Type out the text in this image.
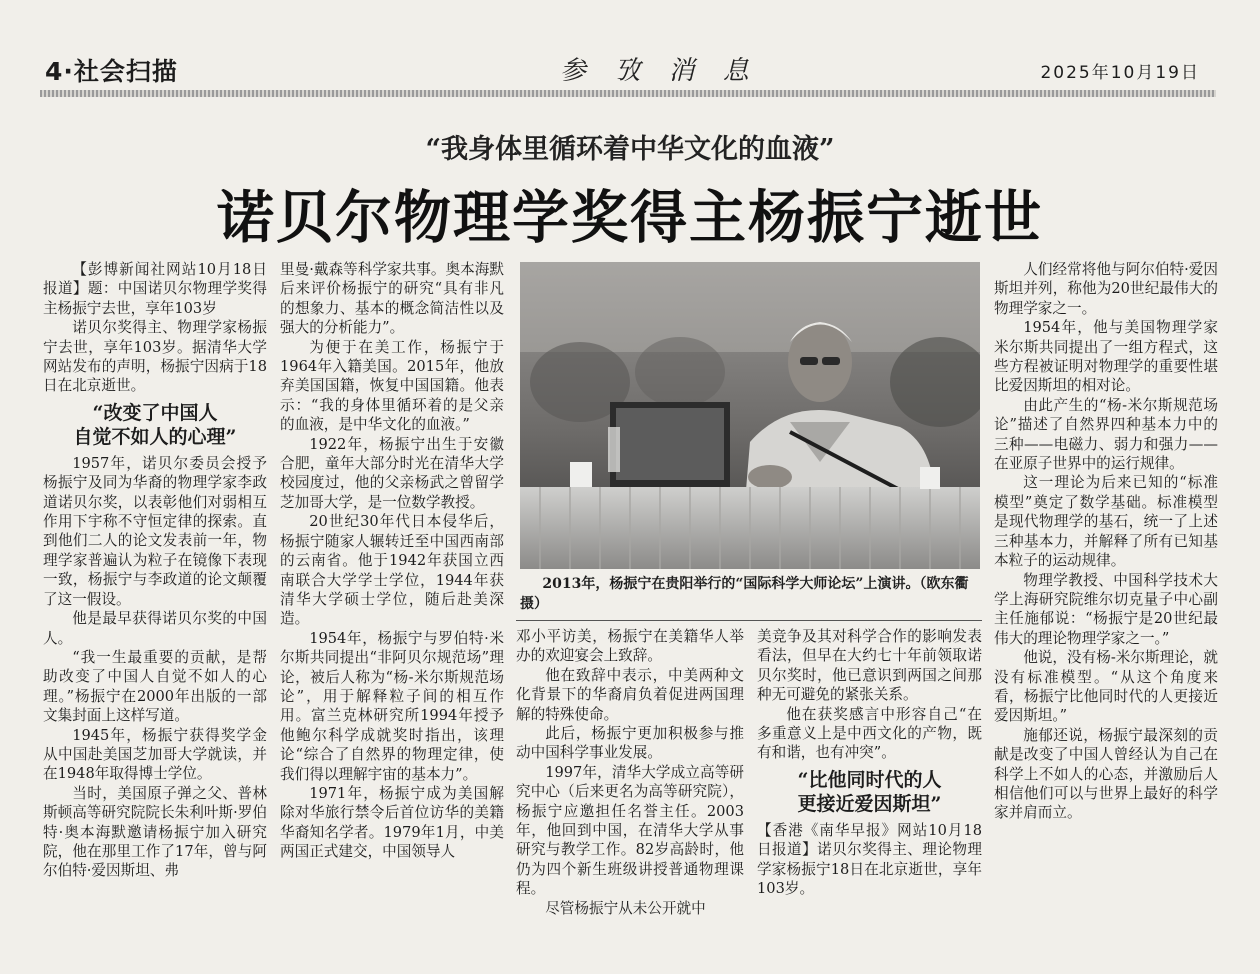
4·社会扫描	参 攷 消 息	2025年10月19日
“我身体里循环着中华文化的血液”
诺贝尔物理学奖得主杨振宁逝世

【彭博新闻社网站10月18日报道】题：中国诺贝尔物理学奖得主杨振宁去世，享年103岁

诺贝尔奖得主、物理学家杨振宁去世，享年103岁。据清华大学网站发布的声明，杨振宁因病于18日在北京逝世。

“改变了中国人
自觉不如人的心理”

1957年，诺贝尔委员会授予杨振宁及同为华裔的物理学家李政道诺贝尔奖，以表彰他们对弱相互作用下宇称不守恒定律的探索。直到他们二人的论文发表前一年，物理学家普遍认为粒子在镜像下表现一致，杨振宁与李政道的论文颠覆了这一假设。

他是最早获得诺贝尔奖的中国人。

“我一生最重要的贡献，是帮助改变了中国人自觉不如人的心理。”杨振宁在2000年出版的一部文集封面上这样写道。

1945年，杨振宁获得奖学金从中国赴美国芝加哥大学就读，并在1948年取得博士学位。

当时，美国原子弹之父、普林斯顿高等研究院院长朱利叶斯·罗伯特·奥本海默邀请杨振宁加入研究院，他在那里工作了17年，曾与阿尔伯特·爱因斯坦、弗

里曼·戴森等科学家共事。奥本海默后来评价杨振宁的研究“具有非凡的想象力、基本的概念简洁性以及强大的分析能力”。

为便于在美工作，杨振宁于1964年入籍美国。2015年，他放弃美国国籍，恢复中国国籍。他表示：“我的身体里循环着的是父亲的血液，是中华文化的血液。”

1922年，杨振宁出生于安徽合肥，童年大部分时光在清华大学校园度过，他的父亲杨武之曾留学芝加哥大学，是一位数学教授。

20世纪30年代日本侵华后，杨振宁随家人辗转迁至中国西南部的云南省。他于1942年获国立西南联合大学学士学位，1944年获清华大学硕士学位，随后赴美深造。

1954年，杨振宁与罗伯特·米尔斯共同提出“非阿贝尔规范场”理论，被后人称为“杨-米尔斯规范场论”，用于解释粒子间的相互作用。富兰克林研究所1994年授予他鲍尔科学成就奖时指出，该理论“综合了自然界的物理定律，使我们得以理解宇宙的基本力”。

1971年，杨振宁成为美国解除对华旅行禁令后首位访华的美籍华裔知名学者。1979年1月，中美两国正式建交，中国领导人

2013年，杨振宁在贵阳举行的“国际科学大师论坛”上演讲。（欧东衢　摄）

邓小平访美，杨振宁在美籍华人举办的欢迎宴会上致辞。

他在致辞中表示，中美两种文化背景下的华裔肩负着促进两国理解的特殊使命。

此后，杨振宁更加积极参与推动中国科学事业发展。

1997年，清华大学成立高等研究中心（后来更名为高等研究院），杨振宁应邀担任名誉主任。2003年，他回到中国，在清华大学从事研究与教学工作。82岁高龄时，他仍为四个新生班级讲授普通物理课程。

尽管杨振宁从未公开就中

美竞争及其对科学合作的影响发表看法，但早在大约七十年前领取诺贝尔奖时，他已意识到两国之间那种无可避免的紧张关系。

他在获奖感言中形容自己“在多重意义上是中西文化的产物，既有和谐，也有冲突”。

“比他同时代的人
更接近爱因斯坦”

【香港《南华早报》网站10月18日报道】诺贝尔奖得主、理论物理学家杨振宁18日在北京逝世，享年103岁。

人们经常将他与阿尔伯特·爱因斯坦并列，称他为20世纪最伟大的物理学家之一。

1954年，他与美国物理学家米尔斯共同提出了一组方程式，这些方程被证明对物理学的重要性堪比爱因斯坦的相对论。

由此产生的“杨-米尔斯规范场论”描述了自然界四种基本力中的三种——电磁力、弱力和强力——在亚原子世界中的运行规律。

这一理论为后来已知的“标准模型”奠定了数学基础。标准模型是现代物理学的基石，统一了上述三种基本力，并解释了所有已知基本粒子的运动规律。

物理学教授、中国科学技术大学上海研究院维尔切克量子中心副主任施郁说：“杨振宁是20世纪最伟大的理论物理学家之一。”

他说，没有杨-米尔斯理论，就没有标准模型。“从这个角度来看，杨振宁比他同时代的人更接近爱因斯坦。”

施郁还说，杨振宁最深刻的贡献是改变了中国人曾经认为自己在科学上不如人的心态，并激励后人相信他们可以与世界上最好的科学家并肩而立。
